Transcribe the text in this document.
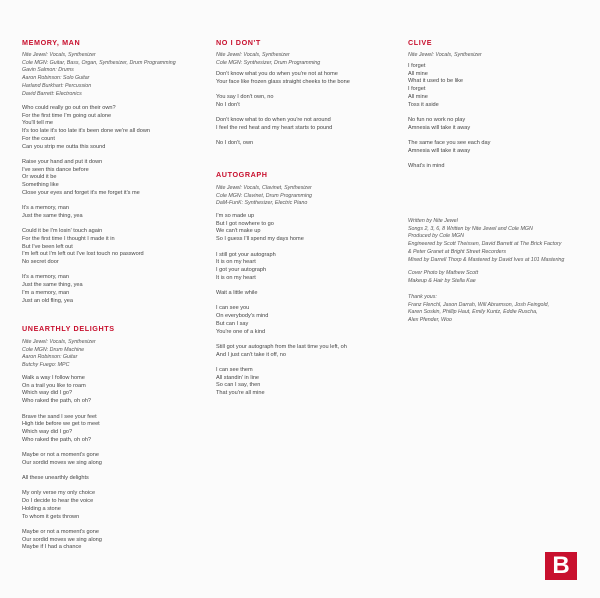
MEMORY, MAN
Nite Jewel: Vocals, Synthesizer
Cole MGN: Guitar, Bass, Organ, Synthesizer, Drum Programming
Gavin Salmon: Drums
Aaron Robinson: Solo Guitar
Harland Burkhart: Percussion
David Barrett: Electronics
Who could really go out on their own?
For the first time I'm going out alone
You'll tell me
It's too late it's too late it's been done we're all down
For the count
Can you strip me outta this sound
Raise your hand and put it down
I've seen this dance before
Or would it be
Something like
Close your eyes and forget it's me forget it's me
It's a memory, man
Just the same thing, yea
Could it be I'm losin' touch again
For the first time I thought I made it in
But I've been left out
I'm left out I'm left out I've lost touch no password
No secret door
It's a memory, man
Just the same thing, yea
I'm a memory, man
Just an old fling, yea
UNEARTHLY DELIGHTS
Nite Jewel: Vocals, Synthesizer
Cole MGN: Drum Machine
Aaron Robinson: Guitar
Butchy Fuego: MPC
Walk a way I follow home
On a trail you like to roam
Which way did I go?
Who raked the path, oh oh?
Brave the sand I see your feet
High tide before we get to meet
Which way did I go?
Who raked the path, oh oh?
Maybe or not a moment's gone
Our sordid moves we sing along
All these unearthly delights
My only verse my only choice
Do I decide to hear the voice
Holding a stone
To whom it gets thrown
Maybe or not a moment's gone
Our sordid moves we sing along
Maybe if I had a chance
NO I DON'T
Nite Jewel: Vocals, Synthesizer
Cole MGN: Synthesizer, Drum Programming
Don't know what you do when you're not at home
Your face like frozen glass straight cheeks to the bone
You say I don't own, no
No I don't
Don't know what to do when you're not around
I feel the red heat and my heart starts to pound
No I don't, own
AUTOGRAPH
Nite Jewel: Vocals, Clavinet, Synthesizer
Cole MGN: Clavinet, Drum Programming
DaM-FunK: Synthesizer, Electric Piano
I'm so made up
But I got nowhere to go
We can't make up
So I guess I'll spend my days home
I still got your autograph
It is on my heart
I got your autograph
It is on my heart
Wait a little while
I can see you
On everybody's mind
But can I say
You're one of a kind
Still got your autograph from the last time you left, oh
And I just can't take it off, no
I can see them
All standin' in line
So can I say, then
That you're all mine
CLIVE
Nite Jewel: Vocals, Synthesizer
I forget
All mine
What it used to be like
I forget
All mine
Toss it aside
No fun no work no play
Amnesia will take it away
The same face you see each day
Amnesia will take it away
What's in mind
Written by Nite Jewel
Songs 2, 3, 6, 8 Written by Nite Jewel and Cole MGN
Produced by Cole MGN
Engineered by Scott Theissen, David Barrett at The Brick Factory
& Peter Granet at Bright Street Recorders
Mixed by Darrell Thorp & Mastered by David Ives at 101 Mastering
Cover Photo by Mathew Scott
Makeup & Hair by Stella Kae
Thank yous:
Franz Flenchl, Jason Darrah, Will Abramson, Josh Feingold,
Karen Soskin, Phillip Haut, Emily Kuntz, Eddie Ruscha,
Alex Pfender, Woo
B
